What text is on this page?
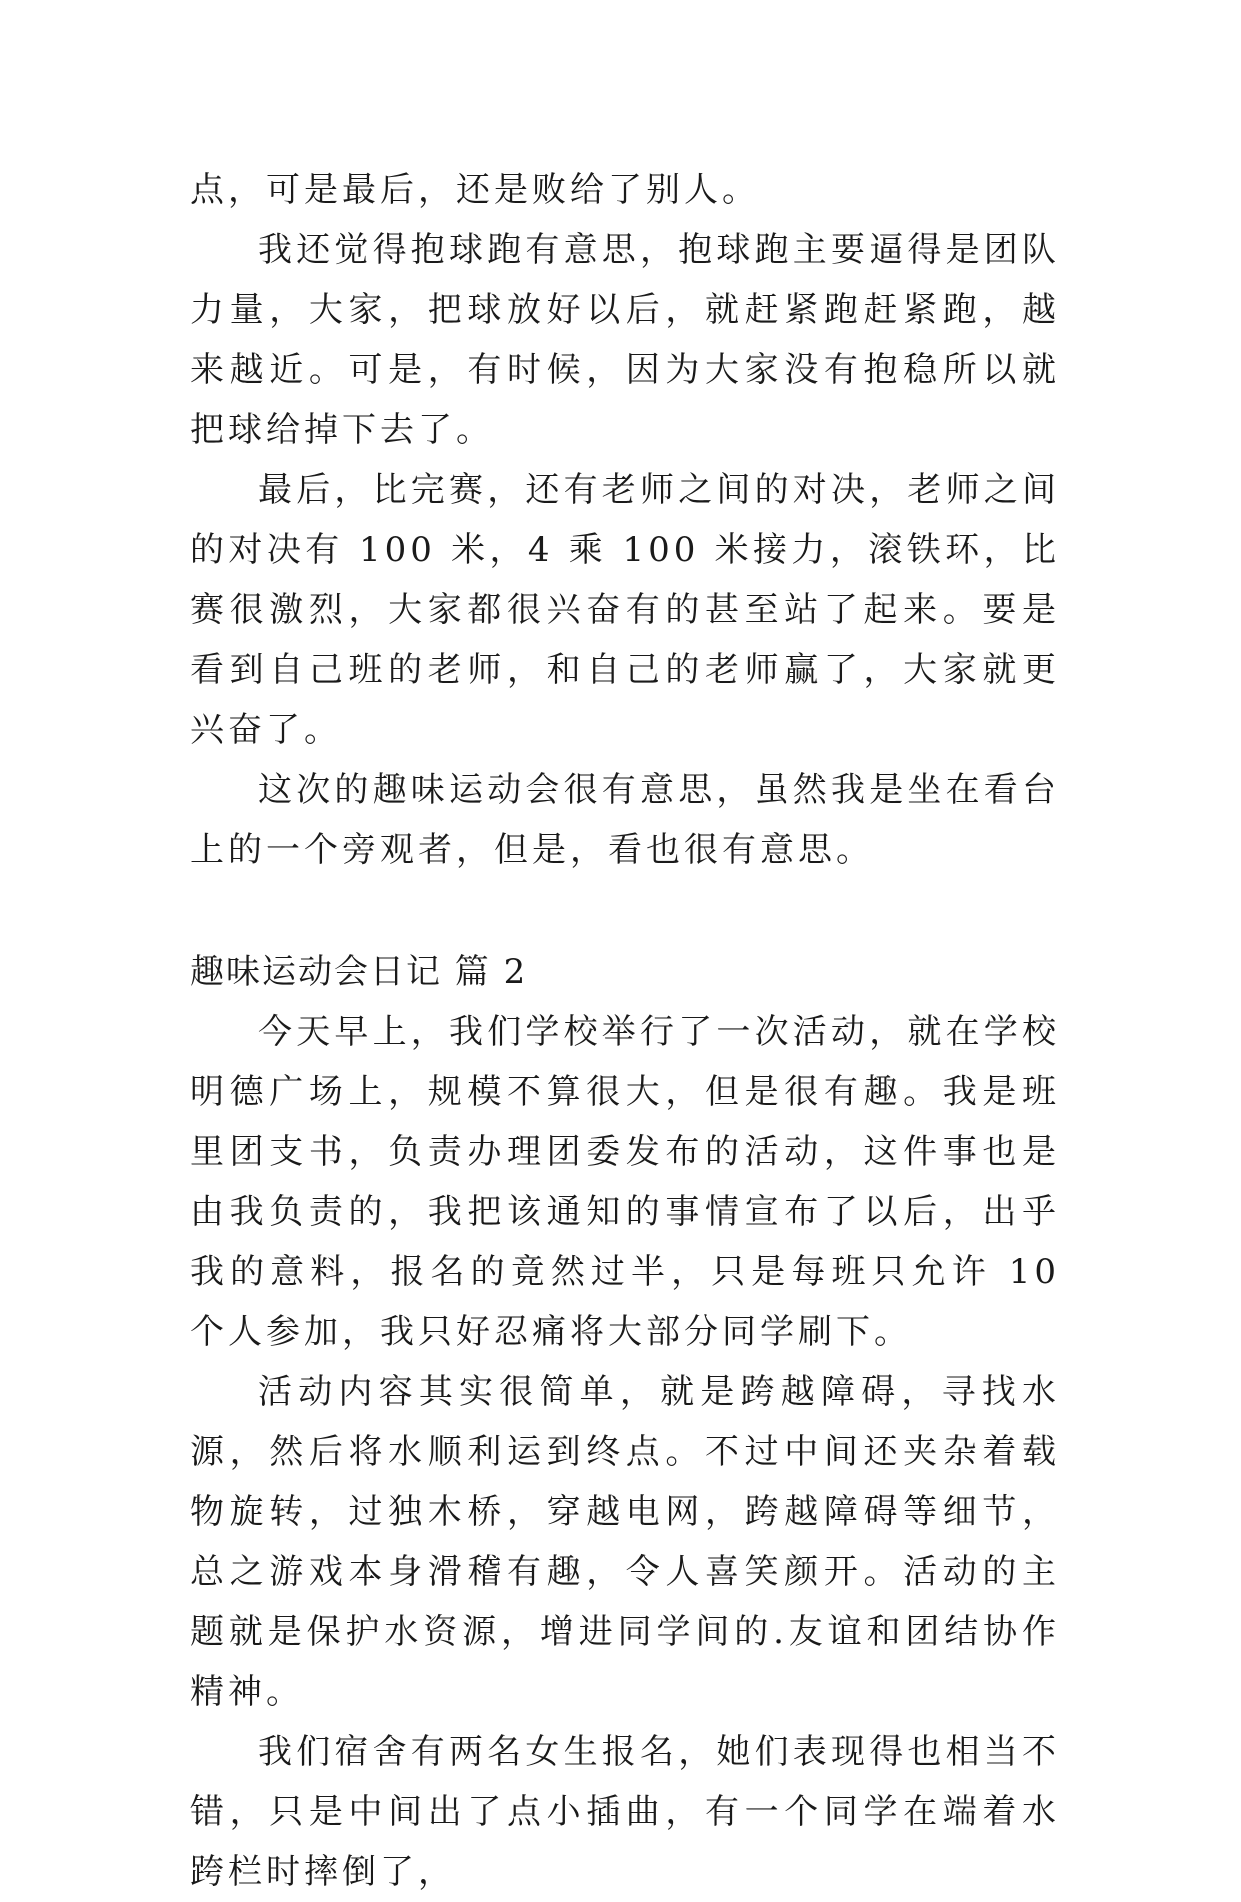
点，可是最后，还是败给了别人。

我还觉得抱球跑有意思，抱球跑主要逼得是团队力量，大家，把球放好以后，就赶紧跑赶紧跑，越来越近。可是，有时候，因为大家没有抱稳所以就把球给掉下去了。

最后，比完赛，还有老师之间的对决，老师之间的对决有 100 米，4 乘 100 米接力，滚铁环，比赛很激烈，大家都很兴奋有的甚至站了起来。要是看到自己班的老师，和自己的老师赢了，大家就更兴奋了。

这次的趣味运动会很有意思，虽然我是坐在看台上的一个旁观者，但是，看也很有意思。

趣味运动会日记 篇 2

今天早上，我们学校举行了一次活动，就在学校明德广场上，规模不算很大，但是很有趣。我是班里团支书，负责办理团委发布的活动，这件事也是由我负责的，我把该通知的事情宣布了以后，出乎我的意料，报名的竟然过半，只是每班只允许 10 个人参加，我只好忍痛将大部分同学刷下。

活动内容其实很简单，就是跨越障碍，寻找水源，然后将水顺利运到终点。不过中间还夹杂着载物旋转，过独木桥，穿越电网，跨越障碍等细节，总之游戏本身滑稽有趣，令人喜笑颜开。活动的主题就是保护水资源，增进同学间的.友谊和团结协作精神。

我们宿舍有两名女生报名，她们表现得也相当不错，只是中间出了点小插曲，有一个同学在端着水跨栏时摔倒了，
